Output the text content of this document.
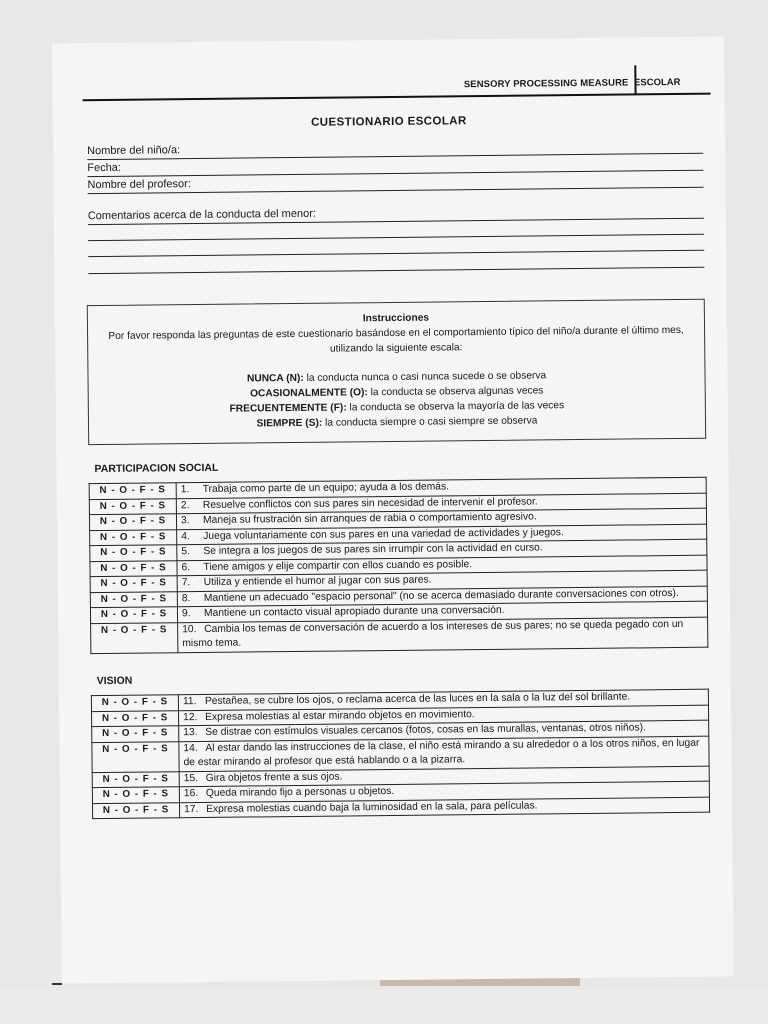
SENSORY PROCESSING MEASURE ESCOLAR
CUESTIONARIO ESCOLAR
Nombre del niño/a:
Fecha:
Nombre del profesor:
Comentarios acerca de la conducta del menor:
Instrucciones
Por favor responda las preguntas de este cuestionario basándose en el comportamiento típico del niño/a durante el último mes, utilizando la siguiente escala:
NUNCA (N): la conducta nunca o casi nunca sucede o se observa
OCASIONALMENTE (O): la conducta se observa algunas veces
FRECUENTEMENTE (F): la conducta se observa la mayoría de las veces
SIEMPRE (S): la conducta siempre o casi siempre se observa
PARTICIPACION SOCIAL
N - O - F - S	1. Trabaja como parte de un equipo; ayuda a los demás.
N - O - F - S	2. Resuelve conflictos con sus pares sin necesidad de intervenir el profesor.
N - O - F - S	3. Maneja su frustración sin arranques de rabia o comportamiento agresivo.
N - O - F - S	4. Juega voluntariamente con sus pares en una variedad de actividades y juegos.
N - O - F - S	5. Se integra a los juegos de sus pares sin irrumpir con la actividad en curso.
N - O - F - S	6. Tiene amigos y elije compartir con ellos cuando es posible.
N - O - F - S	7. Utiliza y entiende el humor al jugar con sus pares.
N - O - F - S	8. Mantiene un adecuado "espacio personal" (no se acerca demasiado durante conversaciones con otros).
N - O - F - S	9. Mantiene un contacto visual apropiado durante una conversación.
N - O - F - S	10. Cambia los temas de conversación de acuerdo a los intereses de sus pares; no se queda pegado con un mismo tema.
VISION
N - O - F - S	11. Pestañea, se cubre los ojos, o reclama acerca de las luces en la sala o la luz del sol brillante.
N - O - F - S	12. Expresa molestias al estar mirando objetos en movimiento.
N - O - F - S	13. Se distrae con estímulos visuales cercanos (fotos, cosas en las murallas, ventanas, otros niños).
N - O - F - S	14. Al estar dando las instrucciones de la clase, el niño está mirando a su alrededor o a los otros niños, en lugar de estar mirando al profesor que está hablando o a la pizarra.
N - O - F - S	15. Gira objetos frente a sus ojos.
N - O - F - S	16. Queda mirando fijo a personas u objetos.
N - O - F - S	17. Expresa molestias cuando baja la luminosidad en la sala, para películas.
